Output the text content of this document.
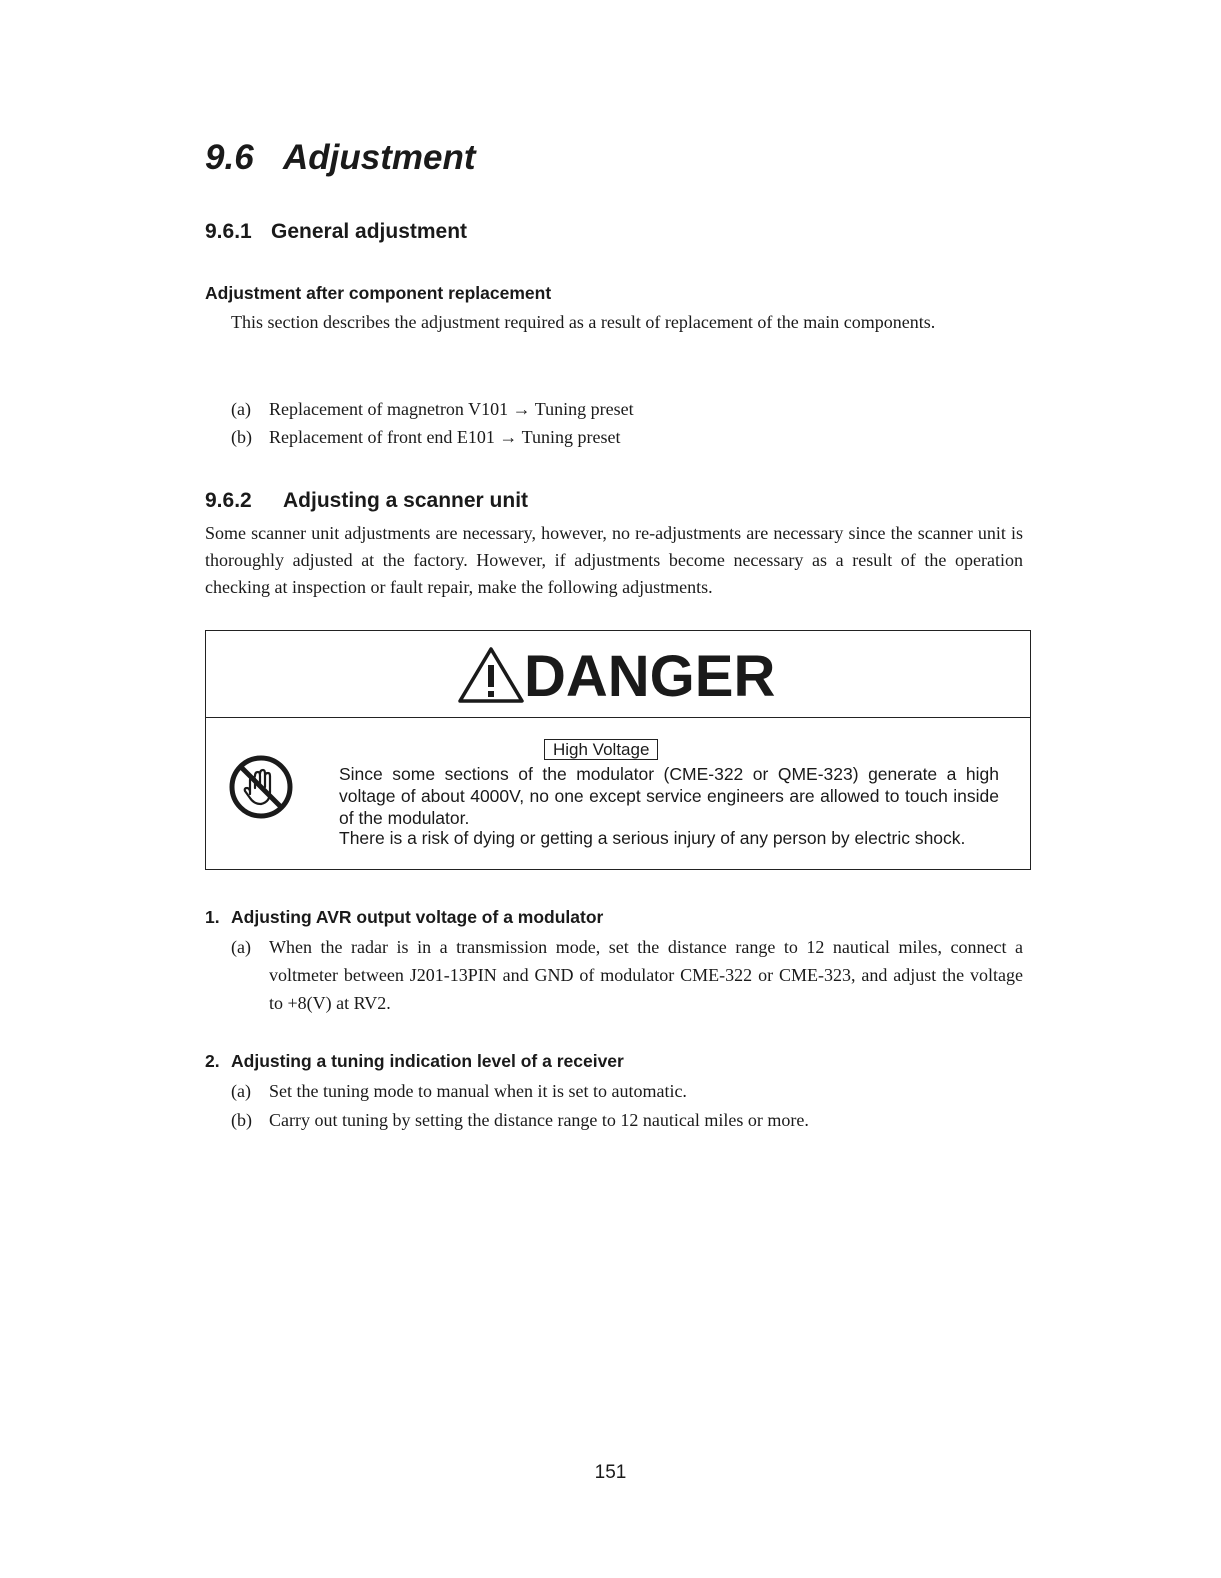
9.6 Adjustment
9.6.1 General adjustment
Adjustment after component replacement

This section describes the adjustment required as a result of replacement of the main components.

(a) Replacement of magnetron V101 → Tuning preset
(b) Replacement of front end E101 → Tuning preset
9.6.2 Adjusting a scanner unit

Some scanner unit adjustments are necessary, however, no re-adjustments are necessary since the scanner unit is thoroughly adjusted at the factory. However, if adjustments become necessary as a result of the operation checking at inspection or fault repair, make the following adjustments.

DANGER
High Voltage

Since some sections of the modulator (CME-322 or QME-323) generate a high voltage of about 4000V, no one except service engineers are allowed to touch inside of the modulator.

There is a risk of dying or getting a serious injury of any person by electric shock.
1. Adjusting AVR output voltage of a modulator
(a) When the radar is in a transmission mode, set the distance range to 12 nautical miles, connect a voltmeter between J201-13PIN and GND of modulator CME-322 or CME-323, and adjust the voltage to +8(V) at RV2.
2. Adjusting a tuning indication level of a receiver
(a) Set the tuning mode to manual when it is set to automatic.
(b) Carry out tuning by setting the distance range to 12 nautical miles or more.
151
